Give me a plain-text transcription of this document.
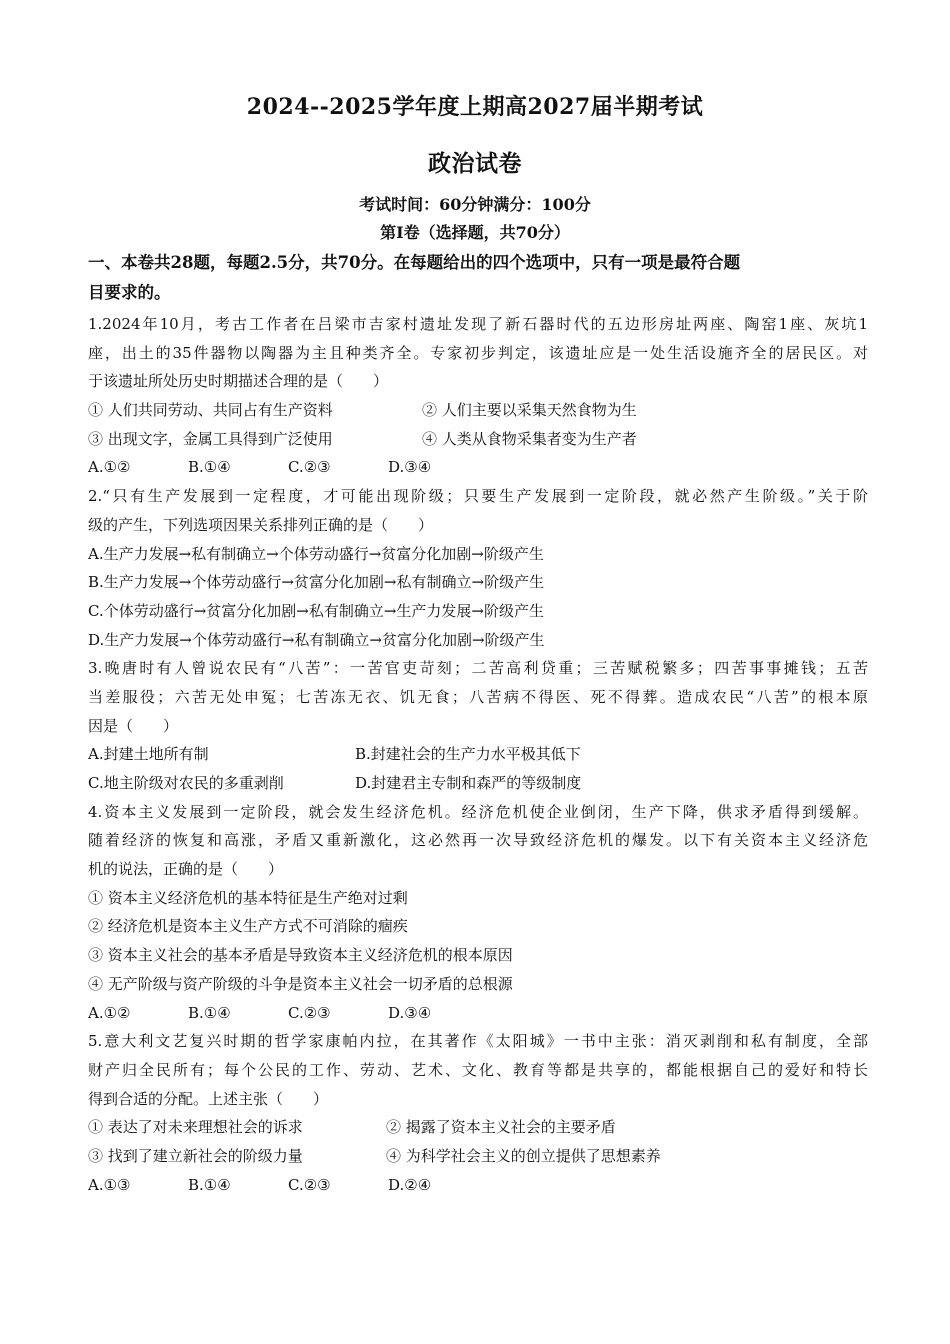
2024--2025学年度上期高2027届半期考试
政治试卷
考试时间：60分钟满分：100分
第Ⅰ卷（选择题，共70分）
一、本卷共28题，每题2.5分，共70分。在每题给出的四个选项中，只有一项是最符合题
目要求的。
1.2024年10月，考古工作者在吕梁市吉家村遗址发现了新石器时代的五边形房址两座、陶窑1座、灰坑1
座，出土的35件器物以陶器为主且种类齐全。专家初步判定，该遗址应是一处生活设施齐全的居民区。对
于该遗址所处历史时期描述合理的是（　　）
① 人们共同劳动、共同占有生产资料	② 人们主要以采集天然食物为生
③ 出现文字，金属工具得到广泛使用	④ 人类从食物采集者变为生产者
A.①②	B.①④	C.②③	D.③④
2.“只有生产发展到一定程度，才可能出现阶级；只要生产发展到一定阶段，就必然产生阶级。”关于阶
级的产生，下列选项因果关系排列正确的是（　　）
A.生产力发展→私有制确立→个体劳动盛行→贫富分化加剧→阶级产生
B.生产力发展→个体劳动盛行→贫富分化加剧→私有制确立→阶级产生
C.个体劳动盛行→贫富分化加剧→私有制确立→生产力发展→阶级产生
D.生产力发展→个体劳动盛行→私有制确立→贫富分化加剧→阶级产生
3.晚唐时有人曾说农民有“八苦”：一苦官吏苛刻；二苦高利贷重；三苦赋税繁多；四苦事事摊钱；五苦
当差服役；六苦无处申冤；七苦冻无衣、饥无食；八苦病不得医、死不得葬。造成农民“八苦”的根本原
因是（　　）
A.封建土地所有制	B.封建社会的生产力水平极其低下
C.地主阶级对农民的多重剥削	D.封建君主专制和森严的等级制度
4.资本主义发展到一定阶段，就会发生经济危机。经济危机使企业倒闭，生产下降，供求矛盾得到缓解。
随着经济的恢复和高涨，矛盾又重新激化，这必然再一次导致经济危机的爆发。以下有关资本主义经济危
机的说法，正确的是（　　）
① 资本主义经济危机的基本特征是生产绝对过剩
② 经济危机是资本主义生产方式不可消除的痼疾
③ 资本主义社会的基本矛盾是导致资本主义经济危机的根本原因
④ 无产阶级与资产阶级的斗争是资本主义社会一切矛盾的总根源
A.①②	B.①④	C.②③	D.③④
5.意大利文艺复兴时期的哲学家康帕内拉，在其著作《太阳城》一书中主张：消灭剥削和私有制度，全部
财产归全民所有；每个公民的工作、劳动、艺术、文化、教育等都是共享的，都能根据自己的爱好和特长
得到合适的分配。上述主张（　　）
① 表达了对未来理想社会的诉求	② 揭露了资本主义社会的主要矛盾
③ 找到了建立新社会的阶级力量	④ 为科学社会主义的创立提供了思想素养
A.①③	B.①④	C.②③	D.②④
